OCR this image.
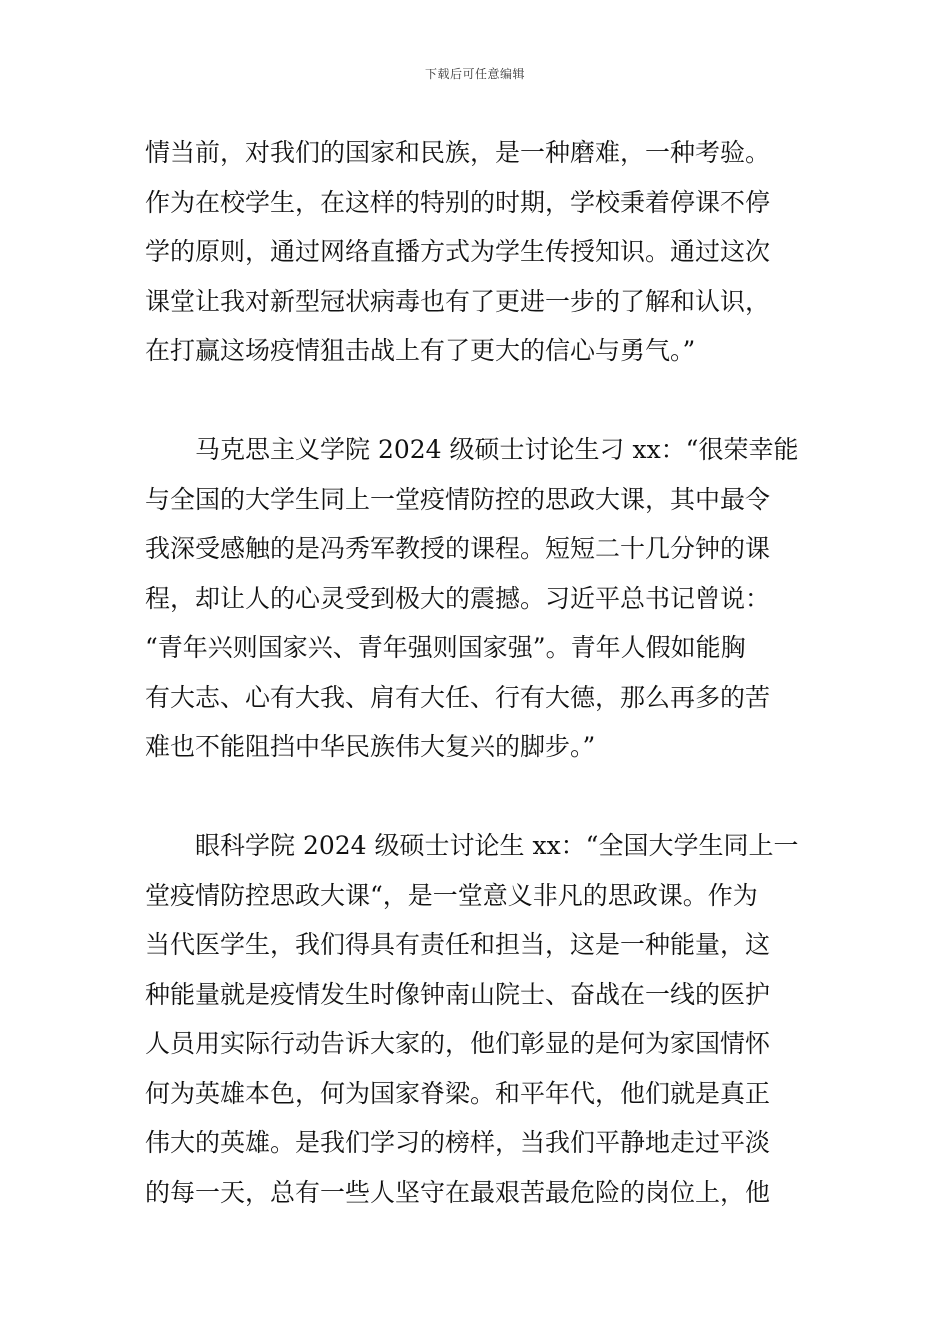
下载后可任意编辑
情当前，对我们的国家和民族，是一种磨难，一种考验。
作为在校学生，在这样的特别的时期，学校秉着停课不停
学的原则，通过网络直播方式为学生传授知识。通过这次
课堂让我对新型冠状病毒也有了更进一步的了解和认识，
在打赢这场疫情狙击战上有了更大的信心与勇气。”
马克思主义学院 2024 级硕士讨论生刁 xx：“很荣幸能
与全国的大学生同上一堂疫情防控的思政大课，其中最令
我深受感触的是冯秀军教授的课程。短短二十几分钟的课
程，却让人的心灵受到极大的震撼。习近平总书记曾说：
“青年兴则国家兴、青年强则国家强”。青年人假如能胸
有大志、心有大我、肩有大任、行有大德，那么再多的苦
难也不能阻挡中华民族伟大复兴的脚步。”
眼科学院 2024 级硕士讨论生 xx：“全国大学生同上一
堂疫情防控思政大课“，是一堂意义非凡的思政课。作为
当代医学生，我们得具有责任和担当，这是一种能量，这
种能量就是疫情发生时像钟南山院士、奋战在一线的医护
人员用实际行动告诉大家的，他们彰显的是何为家国情怀
何为英雄本色，何为国家脊梁。和平年代，他们就是真正
伟大的英雄。是我们学习的榜样，当我们平静地走过平淡
的每一天，总有一些人坚守在最艰苦最危险的岗位上，他
